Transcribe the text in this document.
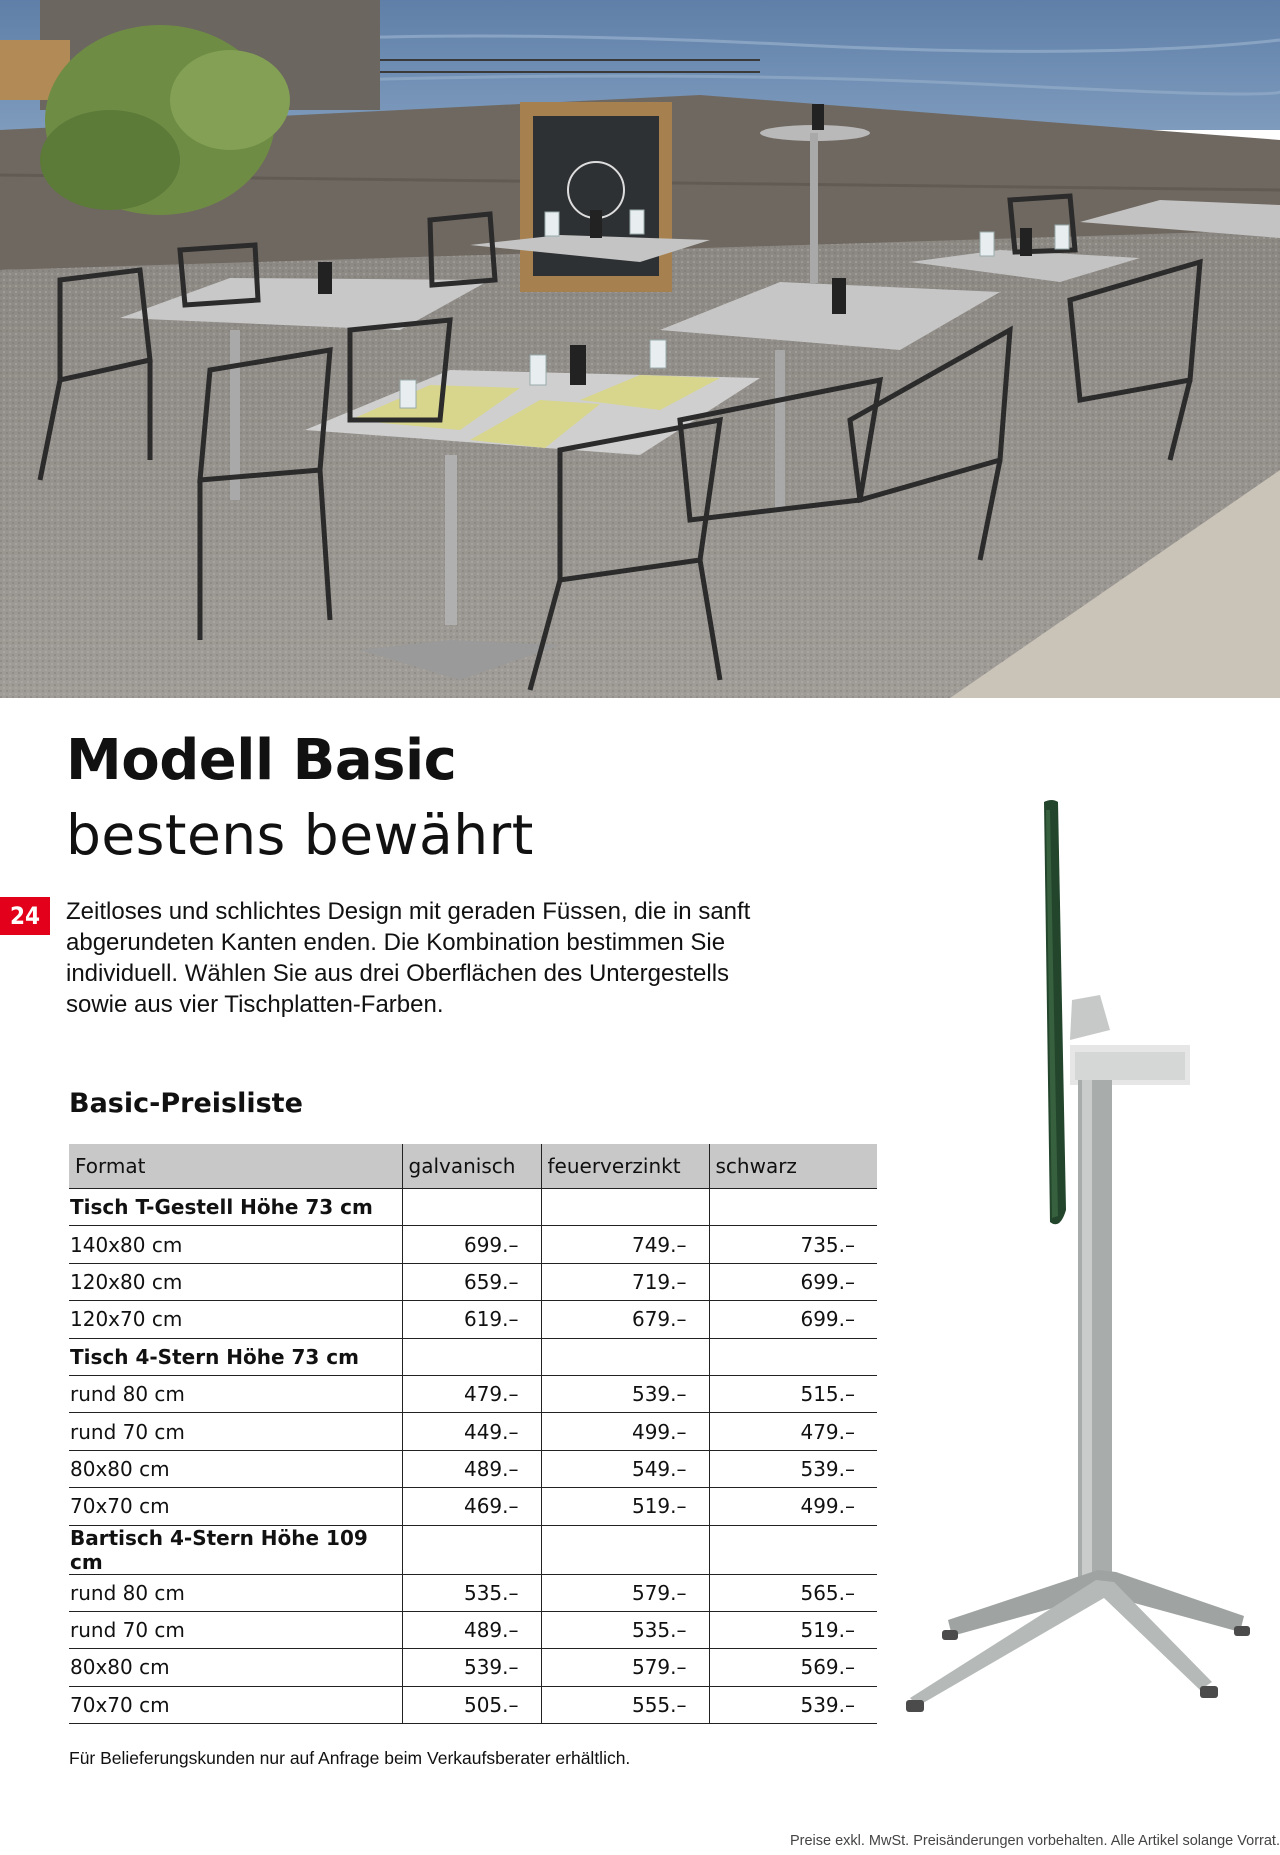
Modell Basic
bestens bewährt
24	Zeitloses und schlichtes Design mit geraden Füssen, die in sanft abgerundeten Kanten enden. Die Kombination bestimmen Sie individuell. Wählen Sie aus drei Oberflächen des Untergestells sowie aus vier Tischplatten-Farben.

Basic-Preisliste
Format	galvanisch	feuerverzinkt	schwarz
Tisch T-Gestell Höhe 73 cm			
140x80 cm	699.–	749.–	735.–
120x80 cm	659.–	719.–	699.–
120x70 cm	619.–	679.–	699.–
Tisch 4-Stern Höhe 73 cm			
rund 80 cm	479.–	539.–	515.–
rund 70 cm	449.–	499.–	479.–
80x80 cm	489.–	549.–	539.–
70x70 cm	469.–	519.–	499.–
Bartisch 4-Stern Höhe 109 cm			
rund 80 cm	535.–	579.–	565.–
rund 70 cm	489.–	535.–	519.–
80x80 cm	539.–	579.–	569.–
70x70 cm	505.–	555.–	539.–

Für Belieferungskunden nur auf Anfrage beim Verkaufsberater erhältlich.

Preise exkl. MwSt. Preisänderungen vorbehalten. Alle Artikel solange Vorrat.
